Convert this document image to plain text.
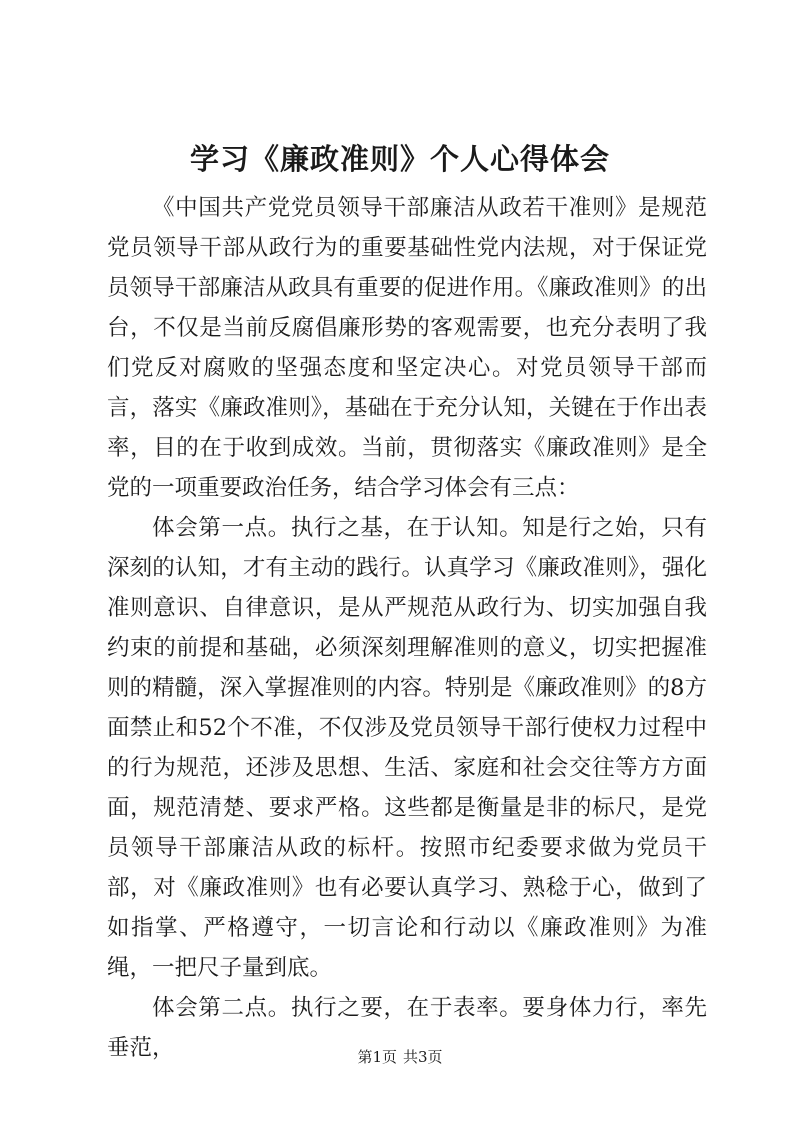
学习《廉政准则》个人心得体会

《中国共产党党员领导干部廉洁从政若干准则》是规范党员领导干部从政行为的重要基础性党内法规，对于保证党员领导干部廉洁从政具有重要的促进作用。《廉政准则》的出台，不仅是当前反腐倡廉形势的客观需要，也充分表明了我们党反对腐败的坚强态度和坚定决心。对党员领导干部而言，落实《廉政准则》，基础在于充分认知，关键在于作出表率，目的在于收到成效。当前，贯彻落实《廉政准则》是全党的一项重要政治任务，结合学习体会有三点：

体会第一点。执行之基，在于认知。知是行之始，只有深刻的认知，才有主动的践行。认真学习《廉政准则》，强化准则意识、自律意识，是从严规范从政行为、切实加强自我约束的前提和基础，必须深刻理解准则的意义，切实把握准则的精髓，深入掌握准则的内容。特别是《廉政准则》的8方面禁止和52个不准，不仅涉及党员领导干部行使权力过程中的行为规范，还涉及思想、生活、家庭和社会交往等方方面面，规范清楚、要求严格。这些都是衡量是非的标尺，是党员领导干部廉洁从政的标杆。按照市纪委要求做为党员干部，对《廉政准则》也有必要认真学习、熟稔于心，做到了如指掌、严格遵守，一切言论和行动以《廉政准则》为准绳，一把尺子量到底。

体会第二点。执行之要，在于表率。要身体力行，率先垂范，	第1页 共3页
